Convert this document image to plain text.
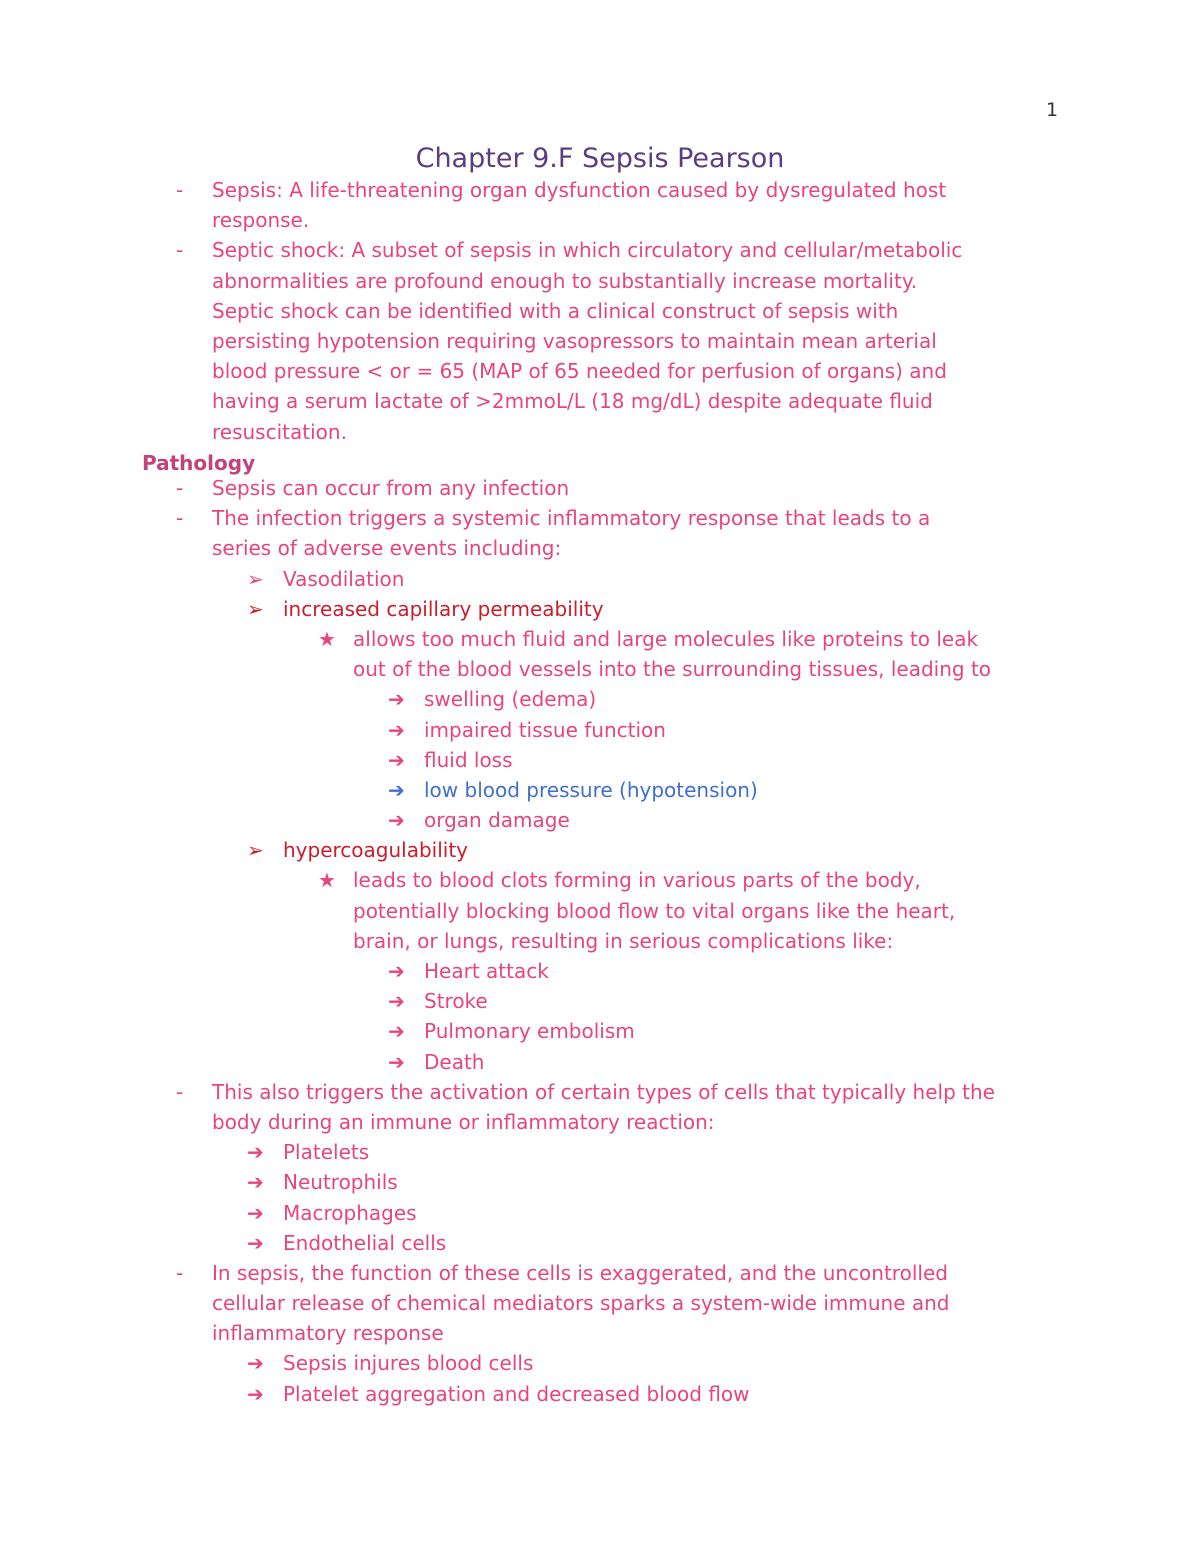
1
Chapter 9.F Sepsis Pearson
- Sepsis: A life-threatening organ dysfunction caused by dysregulated host
response.
- Septic shock: A subset of sepsis in which circulatory and cellular/metabolic
abnormalities are profound enough to substantially increase mortality.
Septic shock can be identified with a clinical construct of sepsis with
persisting hypotension requiring vasopressors to maintain mean arterial
blood pressure < or = 65 (MAP of 65 needed for perfusion of organs) and
having a serum lactate of >2mmoL/L (18 mg/dL) despite adequate fluid
resuscitation.
Pathology
- Sepsis can occur from any infection
- The infection triggers a systemic inflammatory response that leads to a
series of adverse events including:
➢ Vasodilation
➢ increased capillary permeability
★ allows too much fluid and large molecules like proteins to leak
out of the blood vessels into the surrounding tissues, leading to
➔ swelling (edema)
➔ impaired tissue function
➔ fluid loss
➔ low blood pressure (hypotension)
➔ organ damage
➢ hypercoagulability
★ leads to blood clots forming in various parts of the body,
potentially blocking blood flow to vital organs like the heart,
brain, or lungs, resulting in serious complications like:
➔ Heart attack
➔ Stroke
➔ Pulmonary embolism
➔ Death
- This also triggers the activation of certain types of cells that typically help the
body during an immune or inflammatory reaction:
➔ Platelets
➔ Neutrophils
➔ Macrophages
➔ Endothelial cells
- In sepsis, the function of these cells is exaggerated, and the uncontrolled
cellular release of chemical mediators sparks a system-wide immune and
inflammatory response
➔ Sepsis injures blood cells
➔ Platelet aggregation and decreased blood flow
